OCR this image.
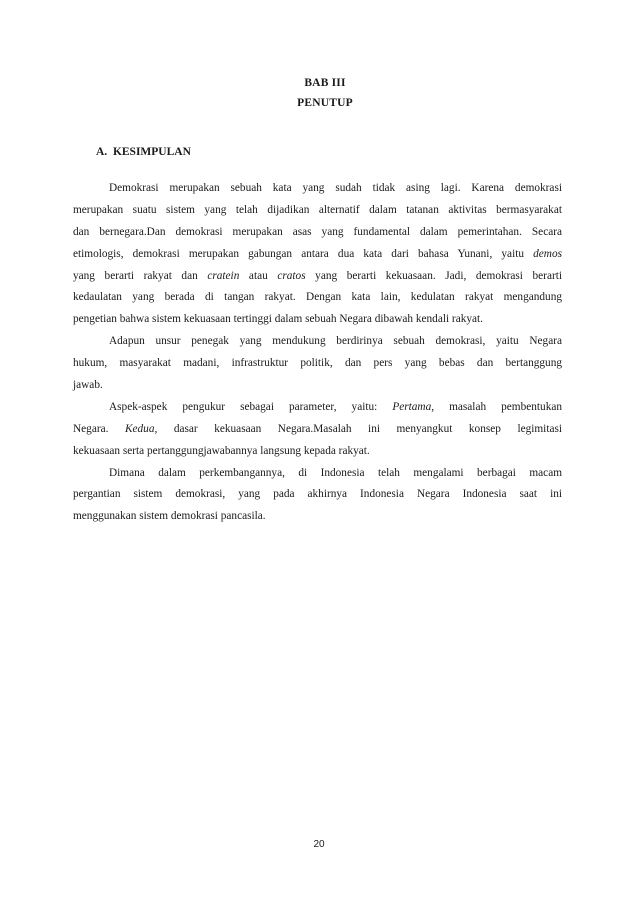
BAB III
PENUTUP
A. KESIMPULAN
Demokrasi merupakan sebuah kata yang sudah tidak asing lagi. Karena demokrasi
merupakan suatu sistem yang telah dijadikan alternatif dalam tatanan aktivitas bermasyarakat
dan bernegara.Dan demokrasi merupakan asas yang fundamental dalam pemerintahan. Secara
etimologis, demokrasi merupakan gabungan antara dua kata dari bahasa Yunani, yaitu demos
yang berarti rakyat dan cratein atau cratos yang berarti kekuasaan. Jadi, demokrasi berarti
kedaulatan yang berada di tangan rakyat. Dengan kata lain, kedulatan rakyat mengandung
pengetian bahwa sistem kekuasaan tertinggi dalam sebuah Negara dibawah kendali rakyat.
Adapun unsur penegak yang mendukung berdirinya sebuah demokrasi, yaitu Negara
hukum, masyarakat madani, infrastruktur politik, dan pers yang bebas dan bertanggung
jawab.
Aspek-aspek pengukur sebagai parameter, yaitu: Pertama, masalah pembentukan
Negara. Kedua, dasar kekuasaan Negara.Masalah ini menyangkut konsep legimitasi
kekuasaan serta pertanggungjawabannya langsung kepada rakyat.
Dimana dalam perkembangannya, di Indonesia telah mengalami berbagai macam
pergantian sistem demokrasi, yang pada akhirnya Indonesia Negara Indonesia saat ini
menggunakan sistem demokrasi pancasila.
20
